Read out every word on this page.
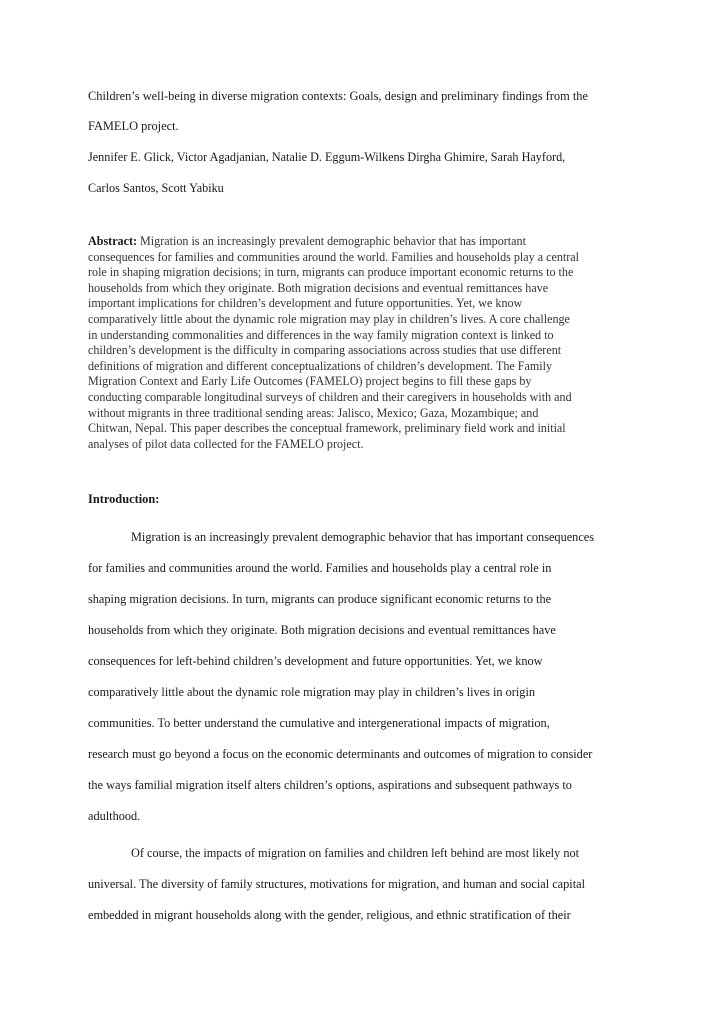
Children’s well-being in diverse migration contexts: Goals, design and preliminary findings from the
FAMELO project.
Jennifer E. Glick, Victor Agadjanian, Natalie D. Eggum-Wilkens Dirgha Ghimire, Sarah Hayford,
Carlos Santos, Scott Yabiku
Abstract: Migration is an increasingly prevalent demographic behavior that has important
consequences for families and communities around the world. Families and households play a central
role in shaping migration decisions; in turn, migrants can produce important economic returns to the
households from which they originate. Both migration decisions and eventual remittances have
important implications for children’s development and future opportunities. Yet, we know
comparatively little about the dynamic role migration may play in children’s lives. A core challenge
in understanding commonalities and differences in the way family migration context is linked to
children’s development is the difficulty in comparing associations across studies that use different
definitions of migration and different conceptualizations of children’s development. The Family
Migration Context and Early Life Outcomes (FAMELO) project begins to fill these gaps by
conducting comparable longitudinal surveys of children and their caregivers in households with and
without migrants in three traditional sending areas: Jalisco, Mexico; Gaza, Mozambique; and
Chitwan, Nepal. This paper describes the conceptual framework, preliminary field work and initial
analyses of pilot data collected for the FAMELO project.
Introduction:
Migration is an increasingly prevalent demographic behavior that has important consequences
for families and communities around the world. Families and households play a central role in
shaping migration decisions. In turn, migrants can produce significant economic returns to the
households from which they originate. Both migration decisions and eventual remittances have
consequences for left-behind children’s development and future opportunities. Yet, we know
comparatively little about the dynamic role migration may play in children’s lives in origin
communities. To better understand the cumulative and intergenerational impacts of migration,
research must go beyond a focus on the economic determinants and outcomes of migration to consider
the ways familial migration itself alters children’s options, aspirations and subsequent pathways to
adulthood.
Of course, the impacts of migration on families and children left behind are most likely not
universal. The diversity of family structures, motivations for migration, and human and social capital
embedded in migrant households along with the gender, religious, and ethnic stratification of their
